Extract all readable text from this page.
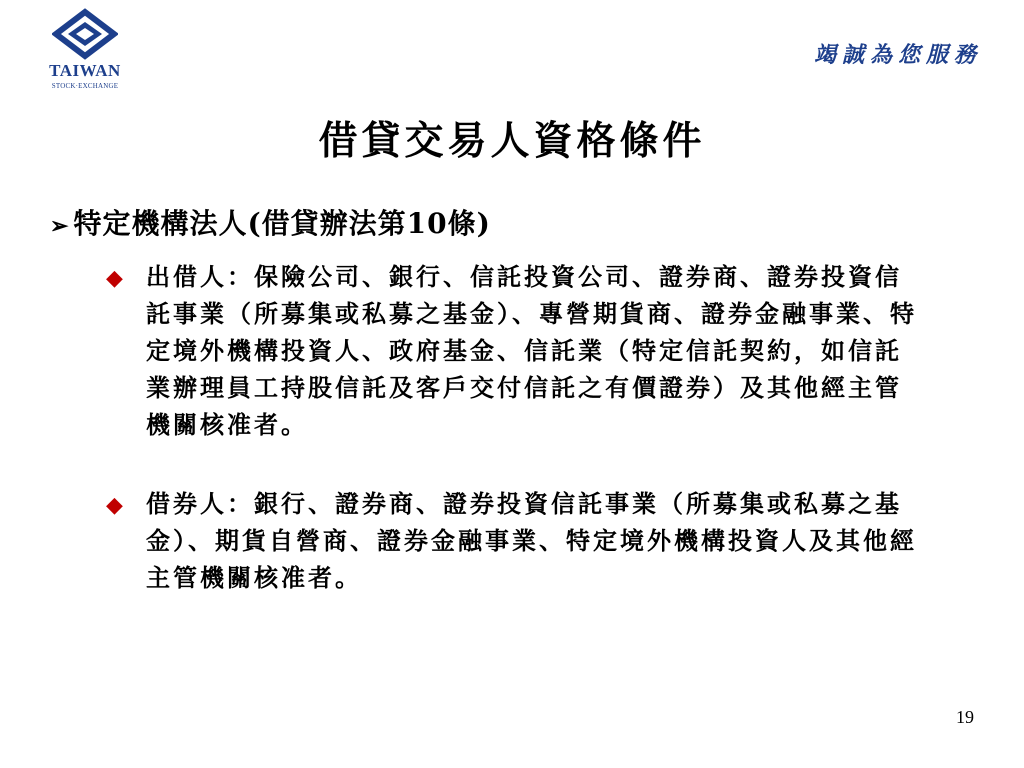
TAIWAN
STOCK·EXCHANGE
竭誠為您服務
借貸交易人資格條件
➢ 特定機構法人(借貸辦法第10條)
◆ 出借人：保險公司、銀行、信託投資公司、證券商、證券投資信託事業（所募集或私募之基金）、專營期貨商、證券金融事業、特定境外機構投資人、政府基金、信託業（特定信託契約，如信託業辦理員工持股信託及客戶交付信託之有價證券）及其他經主管機關核准者。
◆ 借券人：銀行、證券商、證券投資信託事業（所募集或私募之基金）、期貨自營商、證券金融事業、特定境外機構投資人及其他經主管機關核准者。
19
